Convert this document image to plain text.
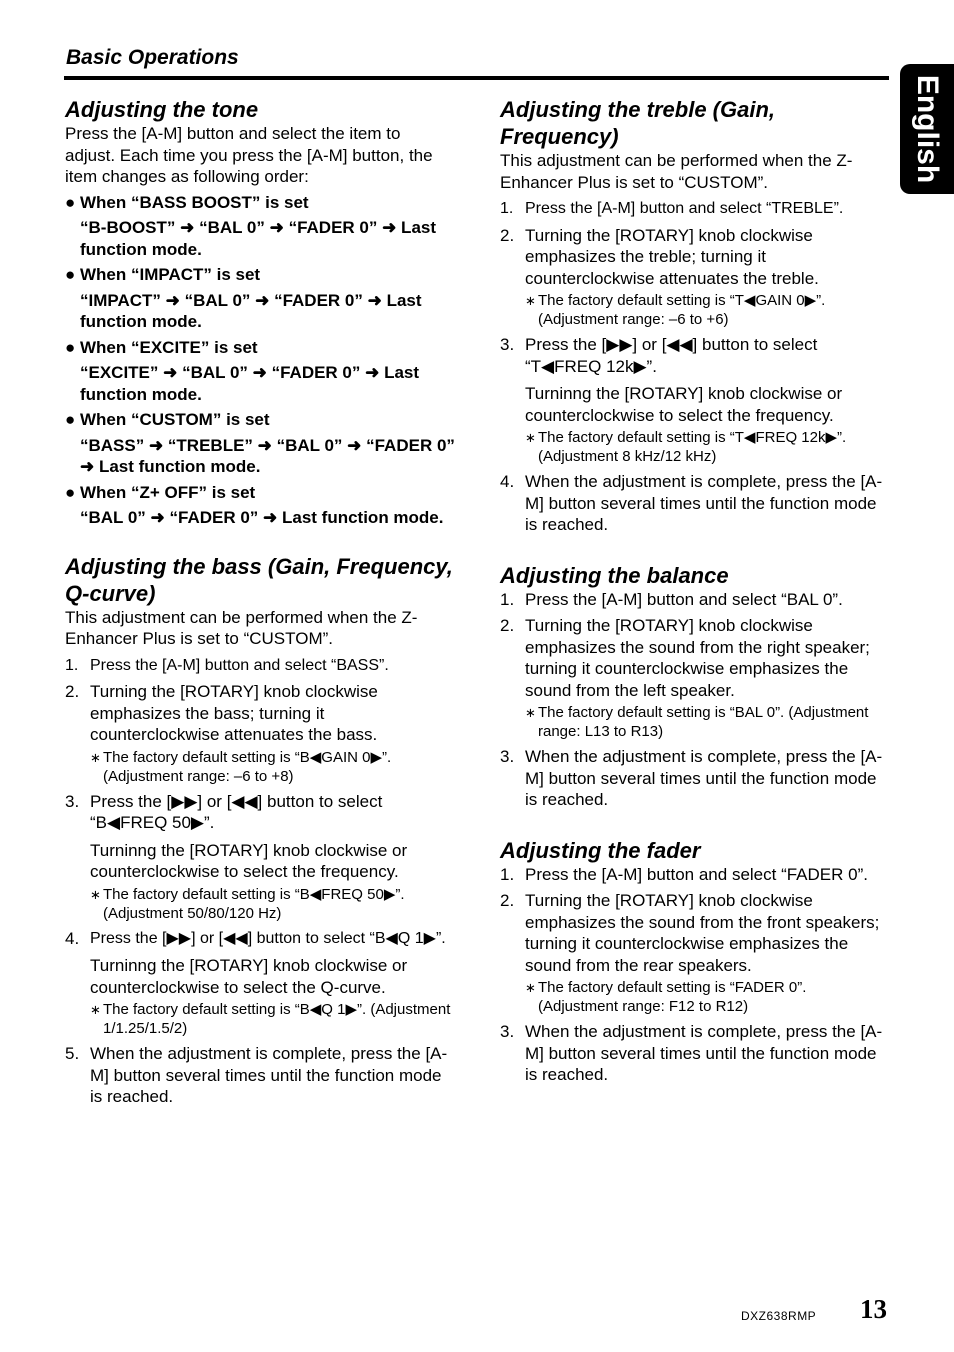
Basic Operations
English
Adjusting the tone

Press the [A-M] button and select the item to adjust. Each time you press the [A-M] button, the item changes as following order:

● When “BASS BOOST” is set
“B-BOOST” ➜ “BAL 0” ➜ “FADER 0” ➜ Last function mode.
● When “IMPACT” is set
“IMPACT” ➜ “BAL 0” ➜ “FADER 0” ➜ Last function mode.
● When “EXCITE” is set
“EXCITE” ➜ “BAL 0” ➜ “FADER 0” ➜ Last function mode.
● When “CUSTOM” is set
“BASS” ➜ “TREBLE” ➜ “BAL 0” ➜ “FADER 0” ➜ Last function mode.
● When “Z+ OFF” is set
“BAL 0” ➜ “FADER 0” ➜ Last function mode.
Adjusting the bass (Gain, Frequency, Q-curve)

This adjustment can be performed when the Z-Enhancer Plus is set to “CUSTOM”.

1. Press the [A-M] button and select “BASS”.
2. Turning the [ROTARY] knob clockwise emphasizes the bass; turning it counterclockwise attenuates the bass.
∗ The factory default setting is “B◀GAIN 0▶”. (Adjustment range: –6 to +8)
3. Press the [▶▶] or [◀◀] button to select “B◀FREQ 50▶”.
Turninng the [ROTARY] knob clockwise or counterclockwise to select the frequency.
∗ The factory default setting is “B◀FREQ 50▶”.(Adjustment 50/80/120 Hz)
4. Press the [▶▶] or [◀◀] button to select “B◀Q 1▶”.
Turninng the [ROTARY] knob clockwise or counterclockwise to select the Q-curve.
∗ The factory default setting is “B◀Q 1▶”. (Adjustment 1/1.25/1.5/2)
5. When the adjustment is complete, press the [A-M] button several times until the function mode is reached.
Adjusting the treble (Gain, Frequency)

This adjustment can be performed when the Z-Enhancer Plus is set to “CUSTOM”.

1. Press the [A-M] button and select “TREBLE”.
2. Turning the [ROTARY] knob clockwise emphasizes the treble; turning it counterclockwise attenuates the treble.
∗ The factory default setting is “T◀GAIN 0▶”. (Adjustment range: –6 to +6)
3. Press the [▶▶] or [◀◀] button to select “T◀FREQ 12k▶”.
Turninng the [ROTARY] knob clockwise or counterclockwise to select the frequency.
∗ The factory default setting is “T◀FREQ 12k▶”. (Adjustment 8 kHz/12 kHz)
4. When the adjustment is complete, press the [A-M] button several times until the function mode is reached.
Adjusting the balance
1. Press the [A-M] button and select “BAL 0”.
2. Turning the [ROTARY] knob clockwise emphasizes the sound from the right speaker; turning it counterclockwise emphasizes the sound from the left speaker.
∗ The factory default setting is “BAL 0”. (Adjustment range: L13 to R13)
3. When the adjustment is complete, press the [A-M] button several times until the function mode is reached.
Adjusting the fader
1. Press the [A-M] button and select “FADER 0”.
2. Turning the [ROTARY] knob clockwise emphasizes the sound from the front speakers; turning it counterclockwise emphasizes the sound from the rear speakers.
∗ The factory default setting is “FADER 0”. (Adjustment range: F12 to R12)
3. When the adjustment is complete, press the [A-M] button several times until the function mode is reached.
DXZ638RMP 13
